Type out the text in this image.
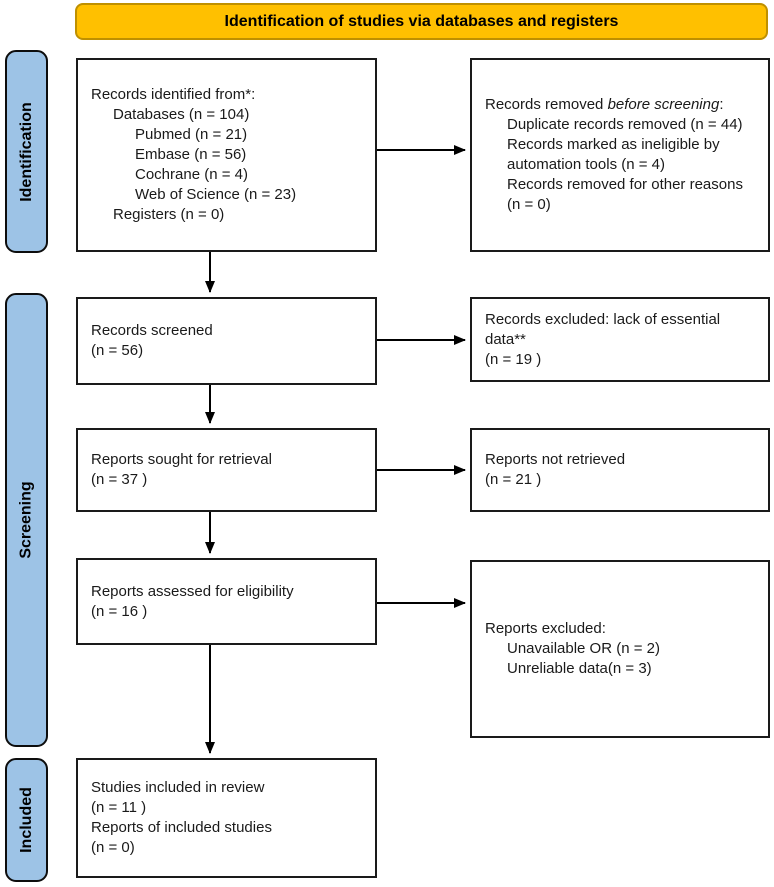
Identification of studies via databases and registers
Identification
Screening
Included
Records identified from*:
Databases (n = 104)
Pubmed (n = 21)
Embase (n = 56)
Cochrane (n = 4)
Web of Science (n = 23)
Registers (n = 0)
Records removed before screening:
Duplicate records removed (n = 44)
Records marked as ineligible by automation tools (n = 4)
Records removed for other reasons (n = 0)
Records screened
(n = 56)
Records excluded: lack of essential data**
(n = 19 )
Reports sought for retrieval
(n = 37 )
Reports not retrieved
(n = 21 )
Reports assessed for eligibility
(n = 16 )
Reports excluded:
Unavailable OR (n = 2)
Unreliable data(n = 3)
Studies included in review
(n = 11 )
Reports of included studies
(n = 0)
